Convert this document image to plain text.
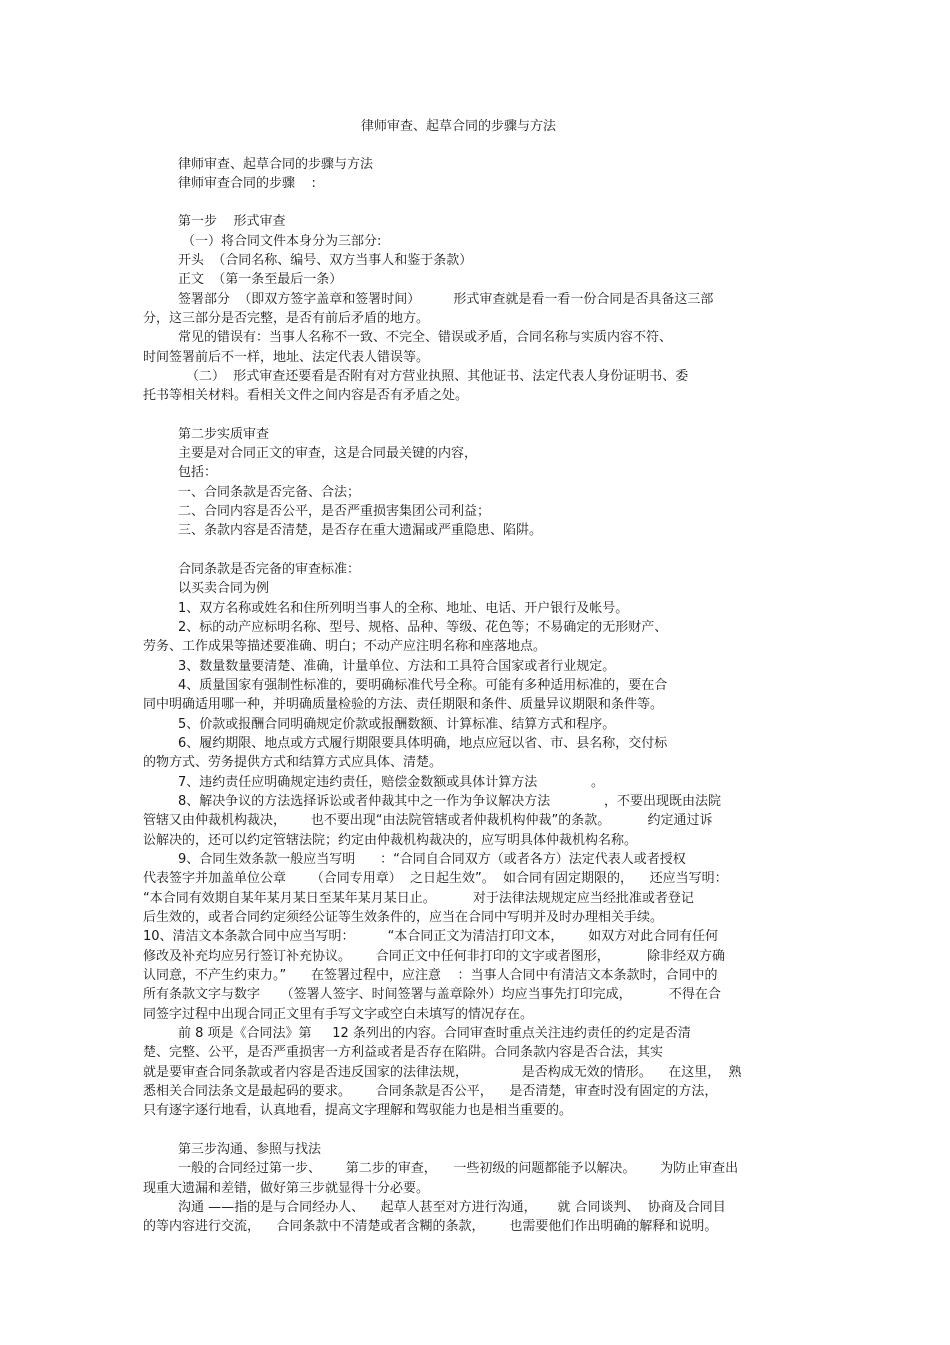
律师审查、起草合同的步骤与方法
律师审查、起草合同的步骤与方法
律师审查合同的步骤    :
第一步    形式审查
（一）将合同文件本身分为三部分:
开头  （合同名称、编号、双方当事人和鉴于条款）
正文  （第一条至最后一条）
签署部分  （即双方签字盖章和签署时间）        形式审查就是看一看一份合同是否具备这三部
分，这三部分是否完整，是否有前后矛盾的地方。
常见的错误有：当事人名称不一致、不完全、错误或矛盾，合同名称与实质内容不符、
时间签署前后不一样，地址、法定代表人错误等。
（二）  形式审查还要看是否附有对方营业执照、其他证书、法定代表人身份证明书、委
托书等相关材料。看相关文件之间内容是否有矛盾之处。
第二步实质审查
主要是对合同正文的审查，这是合同最关键的内容，
包括：
一、合同条款是否完备、合法；
二、合同内容是否公平，是否严重损害集团公司利益；
三、条款内容是否清楚，是否存在重大遗漏或严重隐患、陷阱。
合同条款是否完备的审查标准：
以买卖合同为例
1、双方名称或姓名和住所列明当事人的全称、地址、电话、开户银行及帐号。
2、标的动产应标明名称、型号、规格、品种、等级、花色等；不易确定的无形财产、
劳务、工作成果等描述要准确、明白；不动产应注明名称和座落地点。
3、数量数量要清楚、准确，计量单位、方法和工具符合国家或者行业规定。
4、质量国家有强制性标准的，要明确标准代号全称。可能有多种适用标准的，要在合
同中明确适用哪一种，并明确质量检验的方法、责任期限和条件、质量异议期限和条件等。
5、价款或报酬合同明确规定价款或报酬数额、计算标准、结算方式和程序。
6、履约期限、地点或方式履行期限要具体明确，地点应冠以省、市、县名称，交付标
的物方式、劳务提供方式和结算方式应具体、清楚。
7、违约责任应明确规定违约责任，赔偿金数额或具体计算方法             。
8、解决争议的方法选择诉讼或者仲裁其中之一作为争议解决方法             ，不要出现既由法院
管辖又由仲裁机构裁决，      也不要出现“由法院管辖或者仲裁机构仲裁”的条款。         约定通过诉
讼解决的，还可以约定管辖法院；约定由仲裁机构裁决的，应写明具体仲裁机构名称。
9、合同生效条款一般应当写明      ：“合同自合同双方（或者各方）法定代表人或者授权
代表签字并加盖单位公章      （合同专用章）  之日起生效”。  如合同有固定期限的，    还应当写明：
“本合同有效期自某年某月某日至某年某月某日止。         对于法律法规规定应当经批准或者登记
后生效的，或者合同约定须经公证等生效条件的，应当在合同中写明并及时办理相关手续。
10、清洁文本条款合同中应当写明：        “本合同正文为清洁打印文本，      如双方对此合同有任何
修改及补充均应另行签订补充协议。      合同正文中任何非打印的文字或者图形，         除非经双方确
认同意，不产生约束力。”      在签署过程中，应注意    ：当事人合同中有清洁文本条款时，合同中的
所有条款文字与数字     （签署人签字、时间签署与盖章除外）均应当事先打印完成，         不得在合
同签字过程中出现合同正文里有手写文字或空白未填写的情况存在。
前 8 项是《合同法》第     12 条列出的内容。合同审查时重点关注违约责任的约定是否清
楚、完整、公平，是否严重损害一方利益或者是否存在陷阱。合同条款内容是否合法，其实
就是要审查合同条款或者内容是否违反国家的法律法规，             是否构成无效的情形。    在这里，  熟
悉相关合同法条文是最起码的要求。      合同条款是否公平，    是否清楚，审查时没有固定的方法，
只有逐字逐行地看，认真地看，提高文字理解和驾驭能力也是相当重要的。
第三步沟通、参照与找法
一般的合同经过第一步、      第二步的审查，    一些初级的问题都能予以解决。      为防止审查出
现重大遗漏和差错，做好第三步就显得十分必要。
沟通 ——指的是与合同经办人、    起草人甚至对方进行沟通，     就 合同谈判、  协商及合同目
的等内容进行交流，    合同条款中不清楚或者含糊的条款，      也需要他们作出明确的解释和说明。
